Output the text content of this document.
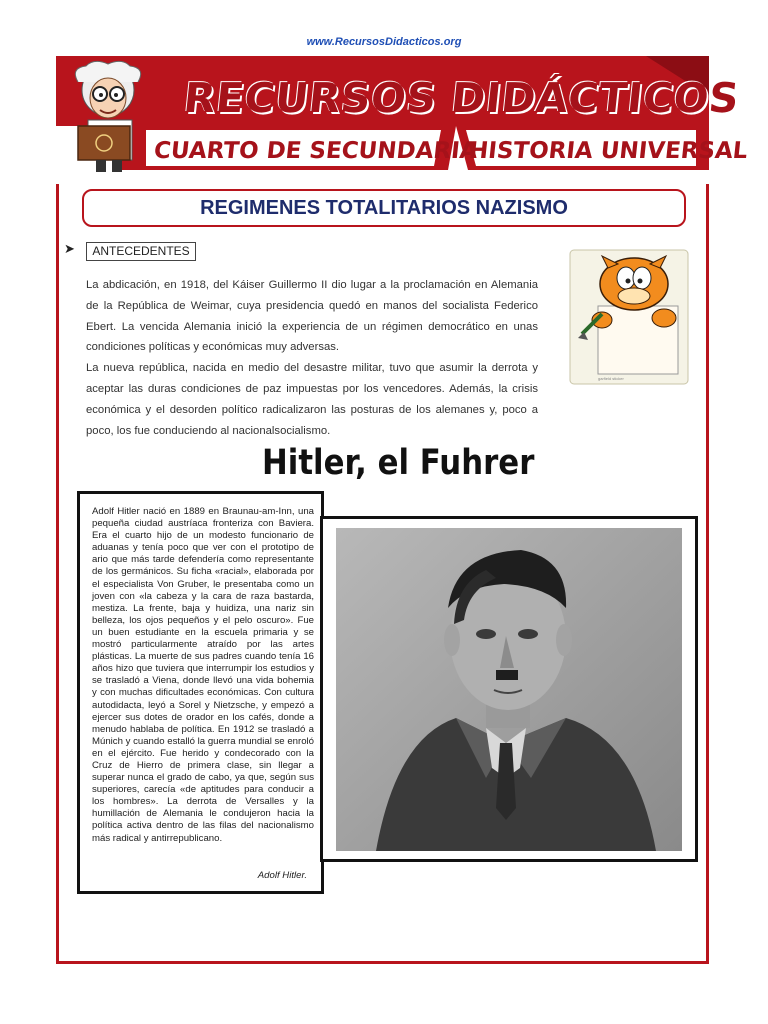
www.RecursosDidacticos.org
RECURSOS DIDÁCTICOS
CUARTO DE SECUNDARIA
HISTORIA UNIVERSAL
REGIMENES TOTALITARIOS NAZISMO
➤	ANTECEDENTES

La abdicación, en 1918, del Káiser Guillermo II dio lugar a la proclamación en Alemania de la República de Weimar, cuya presidencia quedó en manos del socialista Federico Ebert. La vencida Alemania inició la experiencia de un régimen democrático en unas condiciones políticas y económicas muy adversas.

La nueva república, nacida en medio del desastre militar, tuvo que asumir la derrota y aceptar las duras condiciones de paz impuestas por los vencedores. Además, la crisis económica y el desorden político radicalizaron las posturas de los alemanes y, poco a poco, los fue conduciendo al nacionalsocialismo.

garfield sticker
Hitler, el Fuhrer
Adolf Hitler nació en 1889 en Braunau-am-Inn, una pequeña ciudad austríaca fronteriza con Baviera. Era el cuarto hijo de un modesto funcionario de aduanas y tenía poco que ver con el prototipo de ario que más tarde defendería como representante de los germánicos. Su ficha «racial», elaborada por el especialista Von Gruber, le presentaba como un joven con «la cabeza y la cara de raza bastarda, mestiza. La frente, baja y huidiza, una nariz sin belleza, los ojos pequeños y el pelo oscuro». Fue un buen estudiante en la escuela primaria y se mostró particularmente atraído por las artes plásticas. La muerte de sus padres cuando tenía 16 años hizo que tuviera que interrumpir los estudios y se trasladó a Viena, donde llevó una vida bohemia y con muchas dificultades económicas. Con cultura autodidacta, leyó a Sorel y Nietzsche, y empezó a ejercer sus dotes de orador en los cafés, donde a menudo hablaba de política. En 1912 se trasladó a Múnich y cuando estalló la guerra mundial se enroló en el ejército. Fue herido y condecorado con la Cruz de Hierro de primera clase, sin llegar a superar nunca el grado de cabo, ya que, según sus superiores, carecía «de aptitudes para conducir a los hombres». La derrota de Versalles y la humillación de Alemania le condujeron hacia la política activa dentro de las filas del nacionalismo más radical y antirrepublicano.
Adolf Hitler.
